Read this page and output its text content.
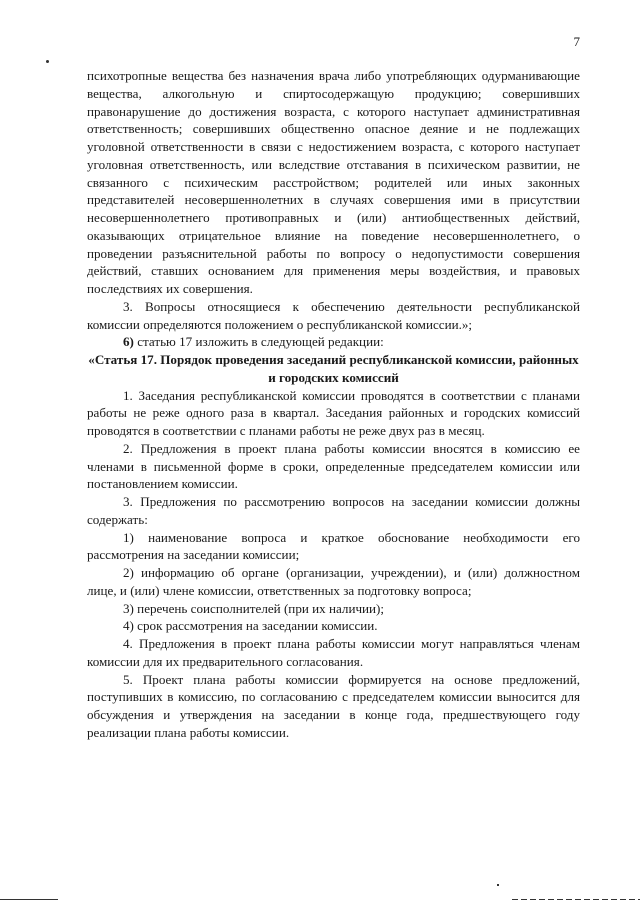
7

психотропные вещества без назначения врача либо употребляющих одурманивающие вещества, алкогольную и спиртосодержащую продукцию; совершивших правонарушение до достижения возраста, с которого наступает административная ответственность; совершивших общественно опасное деяние и не подлежащих уголовной ответственности в связи с недостижением возраста, с которого наступает уголовная ответственность, или вследствие отставания в психическом развитии, не связанного с психическим расстройством; родителей или иных законных представителей несовершеннолетних в случаях совершения ими в присутствии несовершеннолетнего противоправных и (или) антиобщественных действий, оказывающих отрицательное влияние на поведение несовершеннолетнего, о проведении разъяснительной работы по вопросу о недопустимости совершения действий, ставших основанием для применения меры воздействия, и правовых последствиях их совершения.

3. Вопросы относящиеся к обеспечению деятельности республиканской комиссии определяются положением о республиканской комиссии.»;

6) статью 17 изложить в следующей редакции:

«Статья 17. Порядок проведения заседаний республиканской комиссии, районных и городских комиссий

1. Заседания республиканской комиссии проводятся в соответствии с планами работы не реже одного раза в квартал. Заседания районных и городских комиссий проводятся в соответствии с планами работы не реже двух раз в месяц.

2. Предложения в проект плана работы комиссии вносятся в комиссию ее членами в письменной форме в сроки, определенные председателем комиссии или постановлением комиссии.

3. Предложения по рассмотрению вопросов на заседании комиссии должны содержать:

1) наименование вопроса и краткое обоснование необходимости его рассмотрения на заседании комиссии;

2) информацию об органе (организации, учреждении), и (или) должностном лице, и (или) члене комиссии, ответственных за подготовку вопроса;

3) перечень соисполнителей (при их наличии);

4) срок рассмотрения на заседании комиссии.

4. Предложения в проект плана работы комиссии могут направляться членам комиссии для их предварительного согласования.

5. Проект плана работы комиссии формируется на основе предложений, поступивших в комиссию, по согласованию с председателем комиссии выносится для обсуждения и утверждения на заседании в конце года, предшествующего году реализации плана работы комиссии.
